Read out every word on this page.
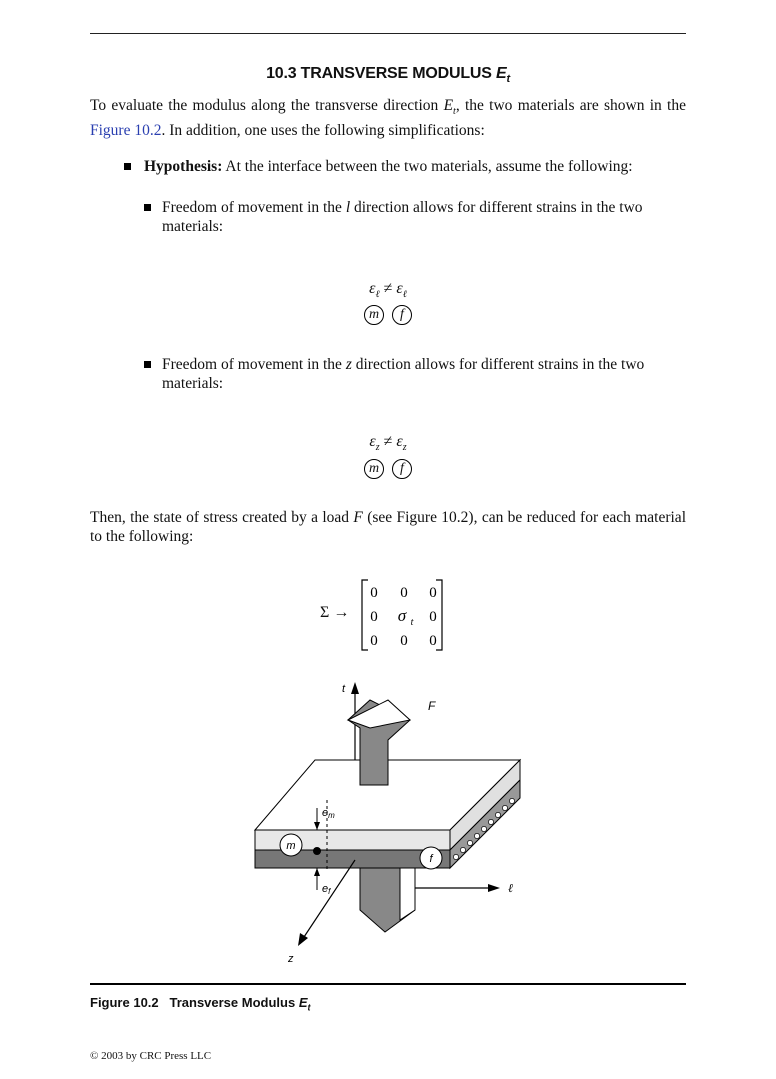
10.3 TRANSVERSE MODULUS $E_t$
To evaluate the modulus along the transverse direction $E_t$, the two materials are shown in the Figure 10.2. In addition, one uses the following simplifications:
Hypothesis: At the interface between the two materials, assume the following:
Freedom of movement in the l direction allows for different strains in the two materials:
$\varepsilon_\ell \ne \varepsilon_\ell$
m f
Freedom of movement in the z direction allows for different strains in the two materials:
$\varepsilon_z \ne \varepsilon_z$
m f
Then, the state of stress created by a load F (see Figure 10.2), can be reduced for each material to the following:
Σ →
0 0 0
0 σ t 0
0 0 0
t
F
em
ef
m
f
ℓ
z
Figure 10.2 Transverse Modulus $E_t$
© 2003 by CRC Press LLC
